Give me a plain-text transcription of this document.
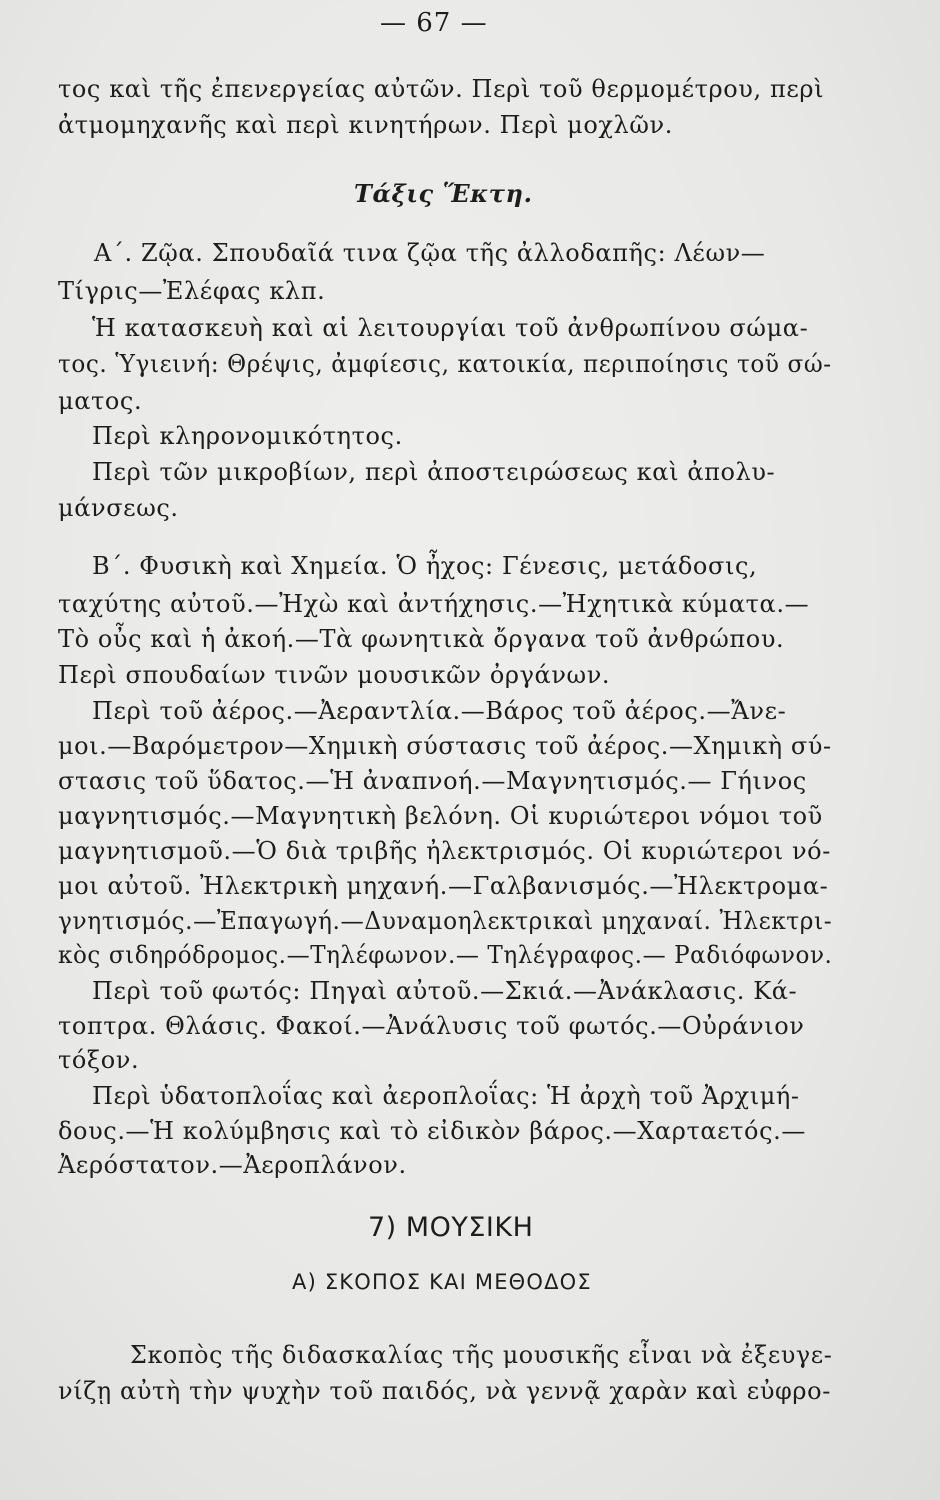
— 67 —
τος καὶ τῆς ἐπενεργείας αὐτῶν. Περὶ τοῦ θερμομέτρου, περὶ
ἀτμομηχανῆς καὶ περὶ κινητήρων. Περὶ μοχλῶν.
Τάξις Ἕκτη.
Α΄. Ζῷα. Σπουδαῖά τινα ζῷα τῆς ἀλλοδαπῆς: Λέων—
Τίγρις—Ἐλέφας κλπ.
Ἡ κατασκευὴ καὶ αἱ λειτουργίαι τοῦ ἀνθρωπίνου σώμα-
τος. Ὑγιεινή: Θρέψις, ἀμφίεσις, κατοικία, περιποίησις τοῦ σώ-
ματος.
Περὶ κληρονομικότητος.
Περὶ τῶν μικροβίων, περὶ ἀποστειρώσεως καὶ ἀπολυ-
μάνσεως.
Β΄. Φυσικὴ καὶ Χημεία. Ὁ ἦχος: Γένεσις, μετάδοσις,
ταχύτης αὐτοῦ.—Ἠχὼ καὶ ἀντήχησις.—Ἠχητικὰ κύματα.—
Τὸ οὖς καὶ ἡ ἀκοή.—Τὰ φωνητικὰ ὄργανα τοῦ ἀνθρώπου.
Περὶ σπουδαίων τινῶν μουσικῶν ὀργάνων.
Περὶ τοῦ ἀέρος.—Ἀεραντλία.—Βάρος τοῦ ἀέρος.—Ἄνε-
μοι.—Βαρόμετρον—Χημικὴ σύστασις τοῦ ἀέρος.—Χημικὴ σύ-
στασις τοῦ ὕδατος.—Ἡ ἀναπνοή.—Μαγνητισμός.— Γήινος
μαγνητισμός.—Μαγνητικὴ βελόνη. Οἱ κυριώτεροι νόμοι τοῦ
μαγνητισμοῦ.—Ὁ διὰ τριβῆς ἠλεκτρισμός. Οἱ κυριώτεροι νό-
μοι αὐτοῦ. Ἠλεκτρικὴ μηχανή.—Γαλβανισμός.—Ἠλεκτρομα-
γνητισμός.—Ἐπαγωγή.—Δυναμοηλεκτρικαὶ μηχαναί. Ἠλεκτρι-
κὸς σιδηρόδρομος.—Τηλέφωνον.— Τηλέγραφος.— Ραδιόφωνον.
Περὶ τοῦ φωτός: Πηγαὶ αὐτοῦ.—Σκιά.—Ἀνάκλασις. Κά-
τοπτρα. Θλάσις. Φακοί.—Ἀνάλυσις τοῦ φωτός.—Οὐράνιον
τόξον.
Περὶ ὑδατοπλοΐας καὶ ἀεροπλοΐας: Ἡ ἀρχὴ τοῦ Ἀρχιμή-
δους.—Ἡ κολύμβησις καὶ τὸ εἰδικὸν βάρος.—Χαρταετός.—
Ἀερόστατον.—Ἀεροπλάνον.
7) ΜΟΥΣΙΚΗ
Α) ΣΚΟΠΟΣ ΚΑΙ ΜΕΘΟΔΟΣ
Σκοπὸς τῆς διδασκαλίας τῆς μουσικῆς εἶναι νὰ ἐξευγε-
νίζῃ αὐτὴ τὴν ψυχὴν τοῦ παιδός, νὰ γεννᾷ χαρὰν καὶ εὐφρο-
